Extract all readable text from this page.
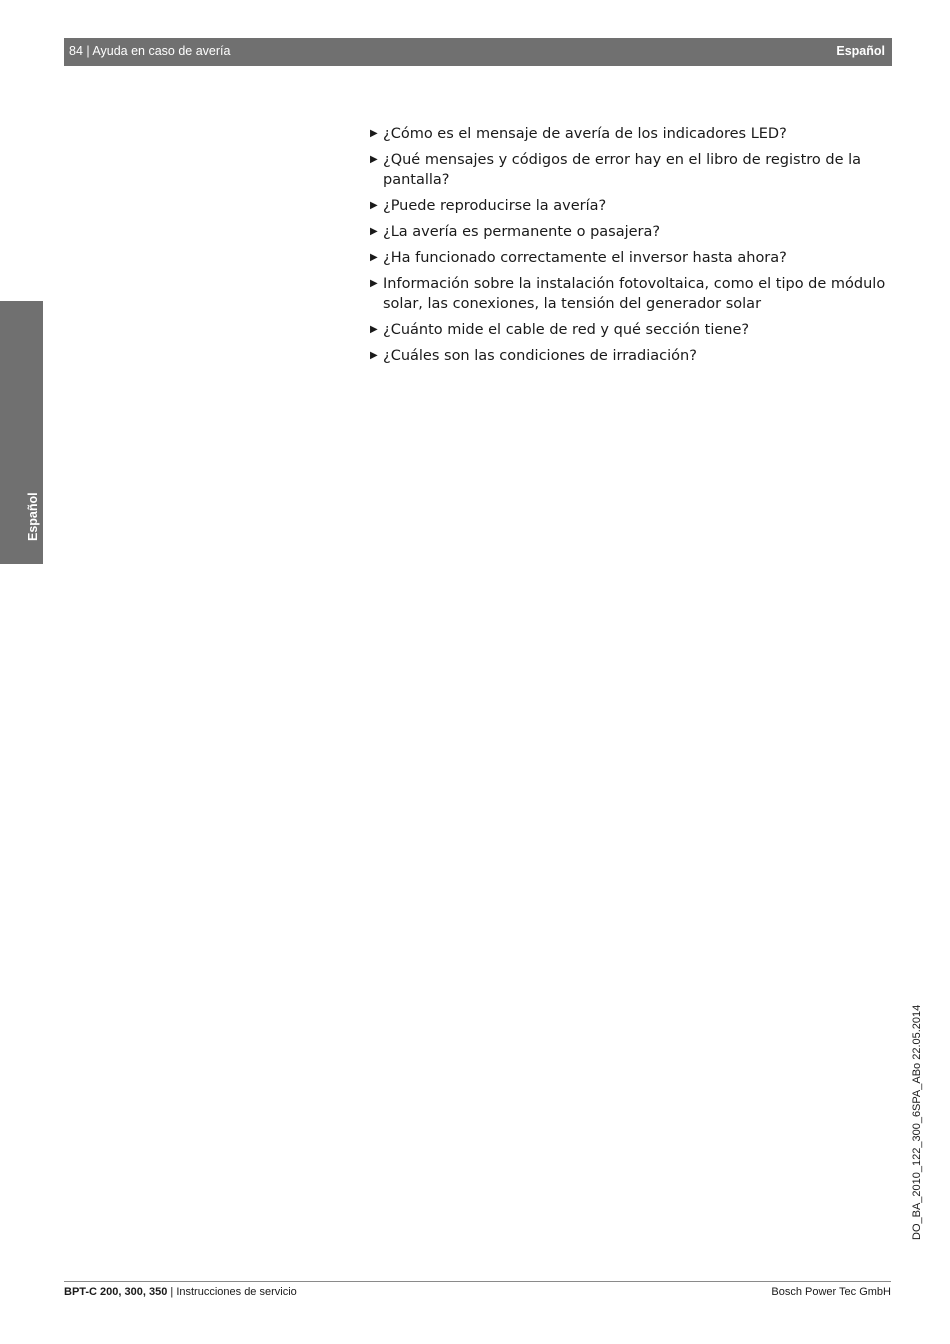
84 | Ayuda en caso de avería	Español
Español
▶ ¿Cómo es el mensaje de avería de los indicadores LED?
▶ ¿Qué mensajes y códigos de error hay en el libro de registro de la pantalla?
▶ ¿Puede reproducirse la avería?
▶ ¿La avería es permanente o pasajera?
▶ ¿Ha funcionado correctamente el inversor hasta ahora?
▶ Información sobre la instalación fotovoltaica, como el tipo de módulo solar, las conexiones, la tensión del generador solar
▶ ¿Cuánto mide el cable de red y qué sección tiene?
▶ ¿Cuáles son las condiciones de irradiación?
DO_BA_2010_122_300_6SPA_ABo 22.05.2014
BPT-C 200, 300, 350 | Instrucciones de servicio	Bosch Power Tec GmbH
